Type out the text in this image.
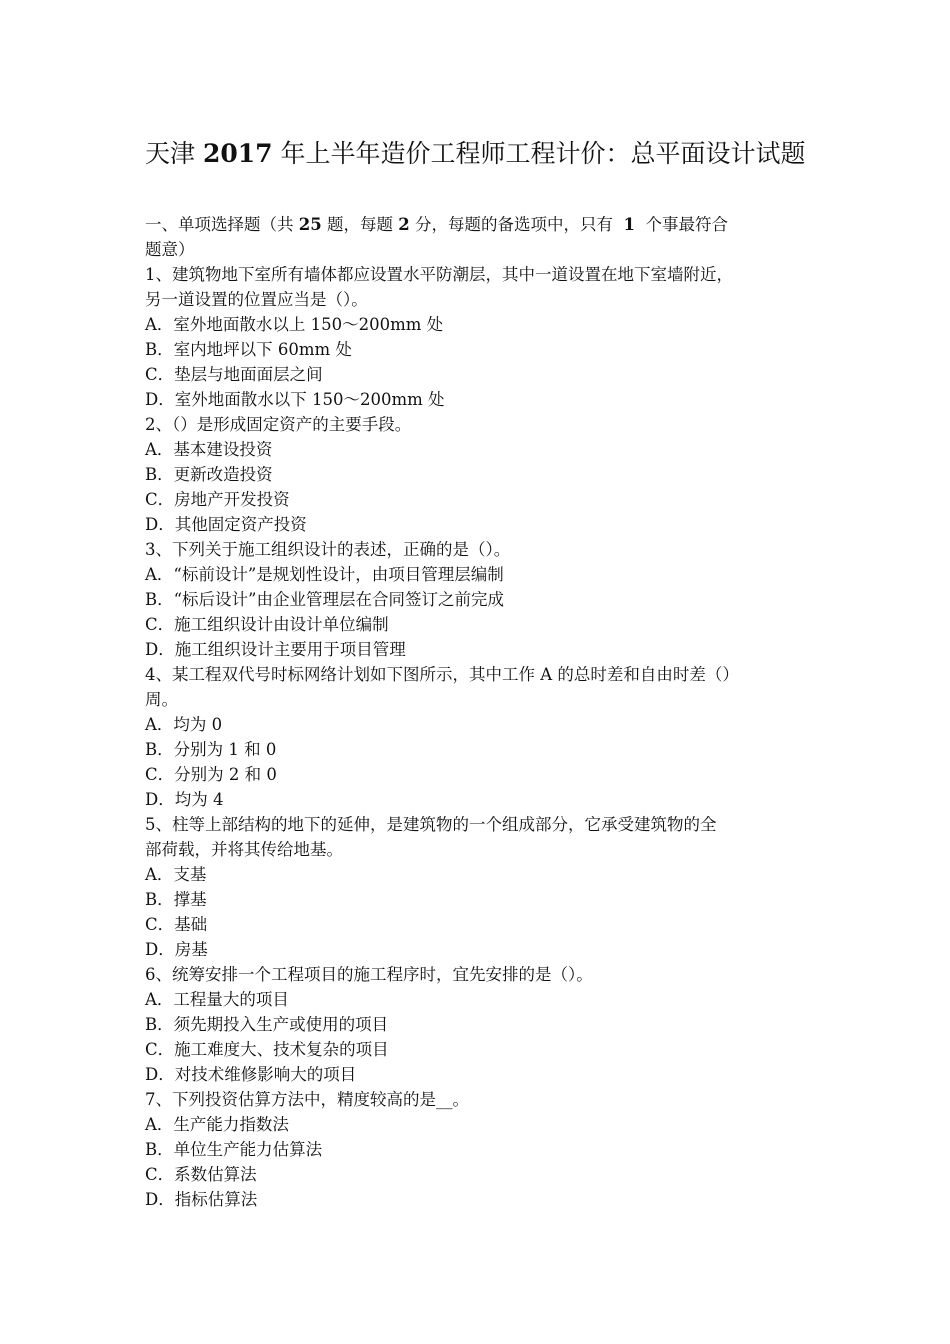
天津 2017 年上半年造价工程师工程计价：总平面设计试题
一、单项选择题（共 25 题，每题 2 分，每题的备选项中，只有 1 个事最符合
题意）
1、建筑物地下室所有墙体都应设置水平防潮层，其中一道设置在地下室墙附近，
另一道设置的位置应当是（）。
A．室外地面散水以上 150～200mm 处
B．室内地坪以下 60mm 处
C．垫层与地面面层之间
D．室外地面散水以下 150～200mm 处
2、（）是形成固定资产的主要手段。
A．基本建设投资
B．更新改造投资
C．房地产开发投资
D．其他固定资产投资
3、下列关于施工组织设计的表述，正确的是（）。
A．“标前设计”是规划性设计，由项目管理层编制
B．“标后设计”由企业管理层在合同签订之前完成
C．施工组织设计由设计单位编制
D．施工组织设计主要用于项目管理
4、某工程双代号时标网络计划如下图所示，其中工作 A 的总时差和自由时差（）
周。
A．均为 0
B．分别为 1 和 0
C．分别为 2 和 0
D．均为 4
5、柱等上部结构的地下的延伸，是建筑物的一个组成部分，它承受建筑物的全
部荷载，并将其传给地基。
A．支基
B．撑基
C．基础
D．房基
6、统筹安排一个工程项目的施工程序时，宜先安排的是（）。
A．工程量大的项目
B．须先期投入生产或使用的项目
C．施工难度大、技术复杂的项目
D．对技术维修影响大的项目
7、下列投资估算方法中，精度较高的是__。
A．生产能力指数法
B．单位生产能力估算法
C．系数估算法
D．指标估算法
